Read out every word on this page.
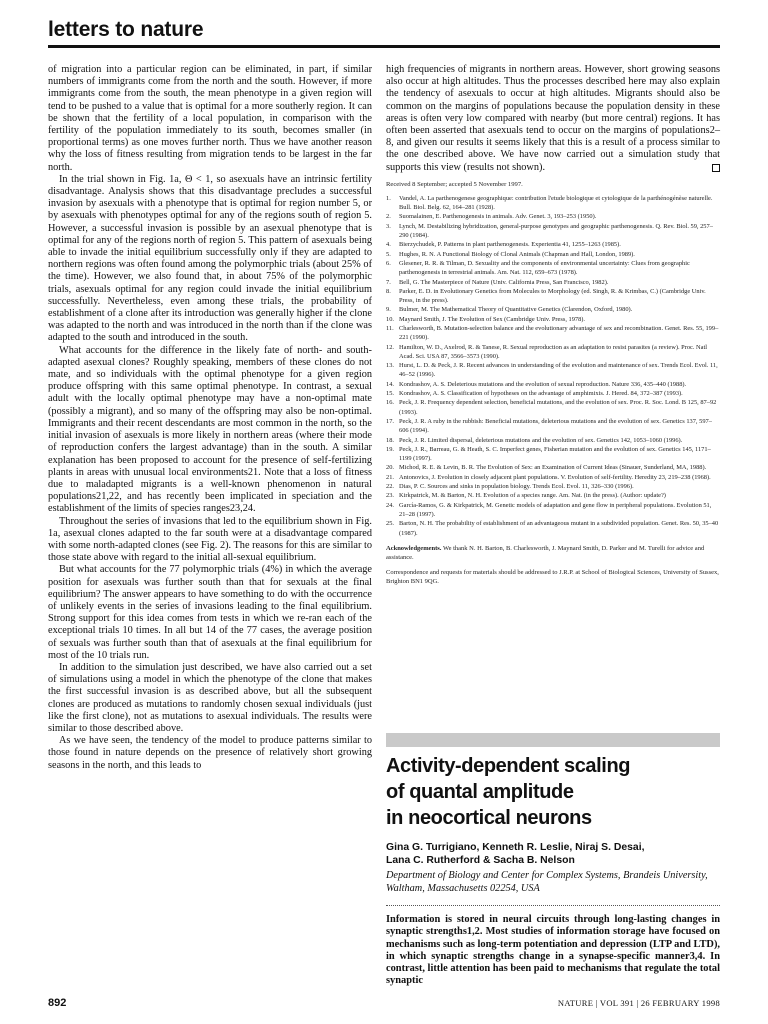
letters to nature

of migration into a particular region can be eliminated, in part, if similar numbers of immigrants come from the north and the south. However, if more immigrants come from the south, the mean phenotype in a given region will tend to be pushed to a value that is optimal for a more southerly region. It can be shown that the fertility of a local population, in comparison with the fertility of the population immediately to its south, becomes smaller (in proportional terms) as one moves further north. Thus we have another reason why the loss of fitness resulting from migration tends to be largest in the far north.

In the trial shown in Fig. 1a, Θ < 1, so asexuals have an intrinsic fertility disadvantage. Analysis shows that this disadvantage precludes a successful invasion by asexuals with a phenotype that is optimal for region number 5, or by asexuals with phenotypes optimal for any of the regions south of region 5. However, a successful invasion is possible by an asexual phenotype that is optimal for any of the regions north of region 5. This pattern of asexuals being able to invade the initial equilibrium successfully only if they are adapted to northern regions was often found among the polymorphic trials (about 25% of the time). However, we also found that, in about 75% of the polymorphic trials, asexuals optimal for any region could invade the initial equilibrium successfully. Nevertheless, even among these trials, the probability of establishment of a clone after its introduction was generally higher if the clone was adapted to the north and was introduced in the north than if the clone was adapted to the south and introduced in the south.

What accounts for the difference in the likely fate of north- and south-adapted asexual clones? Roughly speaking, members of these clones do not mate, and so individuals with the optimal phenotype for a given region produce offspring with this same optimal phenotype. In contrast, a sexual adult with the locally optimal phenotype may have a non-optimal mate (possibly a migrant), and so many of the offspring may also be non-optimal. Immigrants and their recent descendants are most common in the north, so the initial invasion of asexuals is more likely in northern areas (where their mode of reproduction confers the largest advantage) than in the south. A similar explanation has been proposed to account for the presence of self-fertilizing plants in areas with unusual local environments21. Note that a loss of fitness due to maladapted migrants is a well-known phenomenon in natural populations21,22, and has recently been implicated in speciation and the establishment of the limits of species ranges23,24.

Throughout the series of invasions that led to the equilibrium shown in Fig. 1a, asexual clones adapted to the far south were at a disadvantage compared with some north-adapted clones (see Fig. 2). The reasons for this are similar to those state above with regard to the initial all-sexual equilibrium.

But what accounts for the 77 polymorphic trials (4%) in which the average position for asexuals was further south than that for sexuals at the final equilibrium? The answer appears to have something to do with the occurrence of unlikely events in the series of invasions leading to the final equilibrium. Strong support for this idea comes from tests in which we re-ran each of the exceptional trials 10 times. In all but 14 of the 77 cases, the average position of sexuals was further south than that of asexuals at the final equilibrium for most of the 10 trials run.

In addition to the simulation just described, we have also carried out a set of simulations using a model in which the phenotype of the clone that makes the first successful invasion is as described above, but all the subsequent clones are produced as mutations to randomly chosen sexual individuals (just like the first clone), not as mutations to asexual individuals. The results were similar to those described above.

As we have seen, the tendency of the model to produce patterns similar to those found in nature depends on the presence of relatively short growing seasons in the north, and this leads to

high frequencies of migrants in northern areas. However, short growing seasons also occur at high altitudes. Thus the processes described here may also explain the tendency of asexuals to occur at high altitudes. Migrants should also be common on the margins of populations because the population density in these areas is often very low compared with nearby (but more central) regions. It has often been asserted that asexuals tend to occur on the margins of populations2–8, and given our results it seems likely that this is a result of a process similar to the one described above. We have now carried out a simulation study that supports this view (results not shown).

Received 8 September; accepted 5 November 1997.

1.	Vandel, A. La parthenogenese geographique: contribution l'etude biologique et cytologique de la parthénogénèse naturelle. Bull. Biol. Belg. 62, 164–281 (1928).
2.	Suomalainen, E. Parthenogenesis in animals. Adv. Genet. 3, 193–253 (1950).
3.	Lynch, M. Destabilizing hybridization, general-purpose genotypes and geographic parthenogenesis. Q. Rev. Biol. 59, 257–290 (1984).
4.	Bierzychudek, P. Patterns in plant parthenogenesis. Experientia 41, 1255–1263 (1985).
5.	Hughes, R. N. A Functional Biology of Clonal Animals (Chapman and Hall, London, 1989).
6.	Glesener, R. R. & Tilman, D. Sexuality and the components of environmental uncertainty: Clues from geographic parthenogenesis in terrestrial animals. Am. Nat. 112, 659–673 (1978).
7.	Bell, G. The Masterpiece of Nature (Univ. California Press, San Francisco, 1982).
8.	Parker, E. D. in Evolutionary Genetics from Molecules to Morphology (ed. Singh, R. & Krimbas, C.) (Cambridge Univ. Press, in the press).
9.	Bulmer, M. The Mathematical Theory of Quantitative Genetics (Clarendon, Oxford, 1980).
10. Maynard Smith, J. The Evolution of Sex (Cambridge Univ. Press, 1978).
11. Charlesworth, B. Mutation-selection balance and the evolutionary advantage of sex and recombination. Genet. Res. 55, 199–221 (1990).
12. Hamilton, W. D., Axelrod, R. & Tanese, R. Sexual reproduction as an adaptation to resist parasites (a review). Proc. Natl Acad. Sci. USA 87, 3566–3573 (1990).
13. Hurst, L. D. & Peck, J. R. Recent advances in understanding of the evolution and maintenance of sex. Trends Ecol. Evol. 11, 46–52 (1996).
14. Kondrashov, A. S. Deleterious mutations and the evolution of sexual reproduction. Nature 336, 435–440 (1988).
15. Kondrashov, A. S. Classification of hypotheses on the advantage of amphimixis. J. Hered. 84, 372–387 (1993).
16. Peck, J. R. Frequency dependent selection, beneficial mutations, and the evolution of sex. Proc. R. Soc. Lond. B 125, 87–92 (1993).
17. Peck, J. R. A ruby in the rubbish: Beneficial mutations, deleterious mutations and the evolution of sex. Genetics 137, 597–606 (1994).
18. Peck, J. R. Limited dispersal, deleterious mutations and the evolution of sex. Genetics 142, 1053–1060 (1996).
19. Peck, J. R., Barreau, G. & Heath, S. C. Imperfect genes, Fisherian mutation and the evolution of sex. Genetics 145, 1171–1199 (1997).
20. Michod, R. E. & Levin, B. R. The Evolution of Sex: an Examination of Current Ideas (Sinauer, Sunderland, MA, 1988).
21. Antonovics, J. Evolution in closely adjacent plant populations. V. Evolution of self-fertility. Heredity 23, 219–238 (1968).
22. Dias, P. C. Sources and sinks in population biology. Trends Ecol. Evol. 11, 326–330 (1996).
23. Kirkpatrick, M. & Barton, N. H. Evolution of a species range. Am. Nat. (in the press). (Author: update?)
24. García-Ramos, G. & Kirkpatrick, M. Genetic models of adaptation and gene flow in peripheral populations. Evolution 51, 21–28 (1997).
25. Barton, N. H. The probability of establishment of an advantageous mutant in a subdivided population. Genet. Res. 50, 35–40 (1987).

Acknowledgements. We thank N. H. Barton, B. Charlesworth, J. Maynard Smith, D. Parker and M. Turelli for advice and assistance.

Correspondence and requests for materials should be addressed to J.R.P. at School of Biological Sciences, University of Sussex, Brighton BN1 9QG.

Activity-dependent scaling
of quantal amplitude
in neocortical neurons
Gina G. Turrigiano, Kenneth R. Leslie, Niraj S. Desai,
Lana C. Rutherford & Sacha B. Nelson
Department of Biology and Center for Complex Systems, Brandeis University,
Waltham, Massachusetts 02254, USA

Information is stored in neural circuits through long-lasting changes in synaptic strengths1,2. Most studies of information storage have focused on mechanisms such as long-term potentiation and depression (LTP and LTD), in which synaptic strengths change in a synapse-specific manner3,4. In contrast, little attention has been paid to mechanisms that regulate the total synaptic

892	NATURE | VOL 391 | 26 FEBRUARY 1998
